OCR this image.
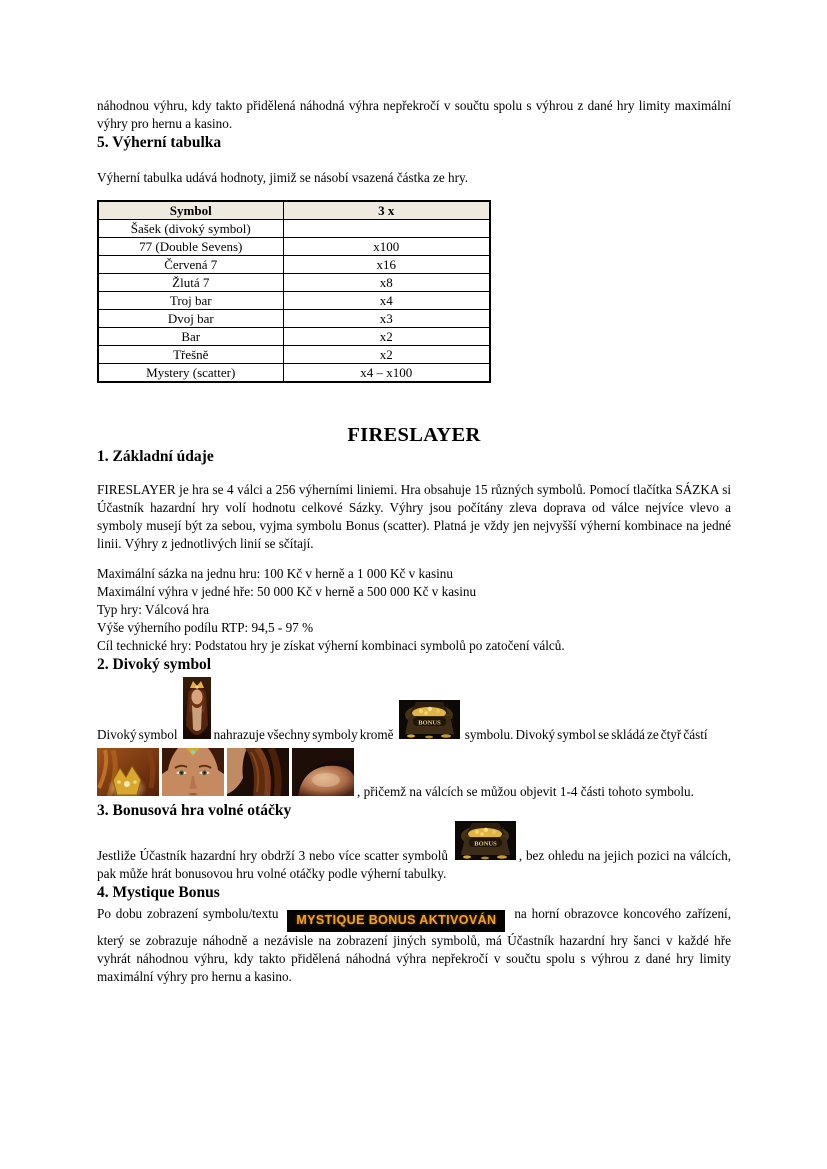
náhodnou výhru, kdy takto přidělená náhodná výhra nepřekročí v součtu spolu s výhrou z dané hry limity maximální výhry pro hernu a kasino.

5. Výherní tabulka

Výherní tabulka udává hodnoty, jimiž se násobí vsazená částka ze hry.

Symbol	3 x
Šašek (divoký symbol)	
77 (Double Sevens)	x100
Červená 7	x16
Žlutá 7	x8
Troj bar	x4
Dvoj bar	x3
Bar	x2
Třešně	x2
Mystery (scatter)	x4 – x100
FIRESLAYER
1. Základní údaje

FIRESLAYER je hra se 4 válci a 256 výherními liniemi. Hra obsahuje 15 různých symbolů. Pomocí tlačítka SÁZKA si Účastník hazardní hry volí hodnotu celkové Sázky. Výhry jsou počítány zleva doprava od válce nejvíce vlevo a symboly musejí být za sebou, vyjma symbolu Bonus (scatter). Platná je vždy jen nejvyšší výherní kombinace na jedné linii. Výhry z jednotlivých linií se sčítají.

Maximální sázka na jednu hru: 100 Kč v herně a 1 000 Kč v kasinu
Maximální výhra v jedné hře: 50 000 Kč v herně a 500 000 Kč v kasinu
Typ hry: Válcová hra
Výše výherního podílu RTP: 94,5 - 97 %
Cíl technické hry: Podstatou hry je získat výherní kombinaci symbolů po zatočení válců.
2. Divoký symbol

Divoký symbol	nahrazuje všechny symboly kromě
BONUS
symbolu. Divoký symbol se skládá ze čtyř částí

, přičemž na válcích se můžou objevit 1-4 části tohoto symbolu.

3. Bonusová hra volné otáčky

Jestliže Účastník hazardní hry obdrží 3 nebo více scatter symbolů
BONUS
, bez ohledu na jejich pozici na válcích, pak může hrát bonusovou hru volné otáčky podle výherní tabulky.

4. Mystique Bonus

Po dobu zobrazení symbolu/textu MYSTIQUE BONUS AKTIVOVÁN na horní obrazovce koncového zařízení, který se zobrazuje náhodně a nezávisle na zobrazení jiných symbolů, má Účastník hazardní hry šanci v každé hře vyhrát náhodnou výhru, kdy takto přidělená náhodná výhra nepřekročí v součtu spolu s výhrou z dané hry limity maximální výhry pro hernu a kasino.
